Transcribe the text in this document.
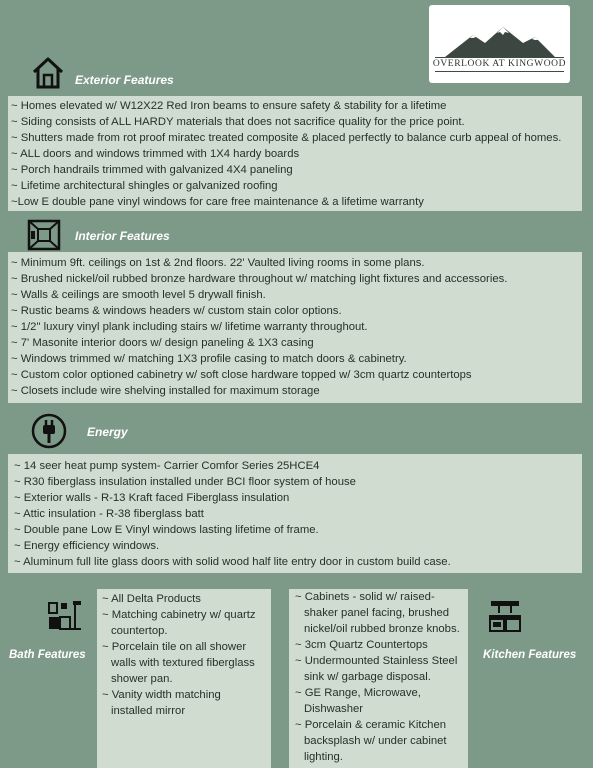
OVERLOOK AT KINGWOOD
Exterior Features

~ Homes elevated w/ W12X22 Red Iron beams to ensure safety & stability for a lifetime

~ Siding consists of ALL HARDY materials that does not sacrifice quality for the price point.

~ Shutters made from rot proof miratec treated composite & placed perfectly to balance curb appeal of homes.

~ ALL doors and windows trimmed with 1X4 hardy boards

~ Porch handrails trimmed with galvanized 4X4 paneling

~ Lifetime architectural shingles or galvanized roofing

~Low E double pane vinyl windows for care free maintenance & a lifetime warranty

Interior Features

~ Minimum 9ft. ceilings on 1st & 2nd floors. 22' Vaulted living rooms in some plans.

~ Brushed nickel/oil rubbed bronze hardware throughout w/ matching light fixtures and accessories.

~ Walls & ceilings are smooth level 5 drywall finish.

~ Rustic beams & windows headers w/ custom stain color options.

~ 1/2" luxury vinyl plank including stairs w/ lifetime warranty throughout.

~ 7' Masonite interior doors w/ design paneling & 1X3 casing

~ Windows trimmed w/ matching 1X3 profile casing to match doors & cabinetry.

~ Custom color optioned cabinetry w/ soft close hardware topped w/ 3cm quartz countertops

~ Closets include wire shelving installed for maximum storage

Energy

~ 14 seer heat pump system- Carrier Comfor Series 25HCE4

~ R30 fiberglass insulation installed under BCI floor system of house

~ Exterior walls - R-13 Kraft faced Fiberglass insulation

~ Attic insulation - R-38 fiberglass batt

~ Double pane Low E Vinyl windows lasting lifetime of frame.

~ Energy efficiency windows.

~ Aluminum full lite glass doors with solid wood half lite entry door in custom build case.

Bath Features

~ All Delta Products

~ Matching cabinetry w/ quartz countertop.

~ Porcelain tile on all shower walls with textured fiberglass shower pan.

~ Vanity width matching installed mirror

~ Cabinets - solid w/ raised-shaker panel facing, brushed nickel/oil rubbed bronze knobs.

~ 3cm Quartz Countertops

~ Undermounted Stainless Steel sink w/ garbage disposal.

~ GE Range, Microwave, Dishwasher

~ Porcelain & ceramic Kitchen backsplash w/ under cabinet lighting.

Kitchen Features
